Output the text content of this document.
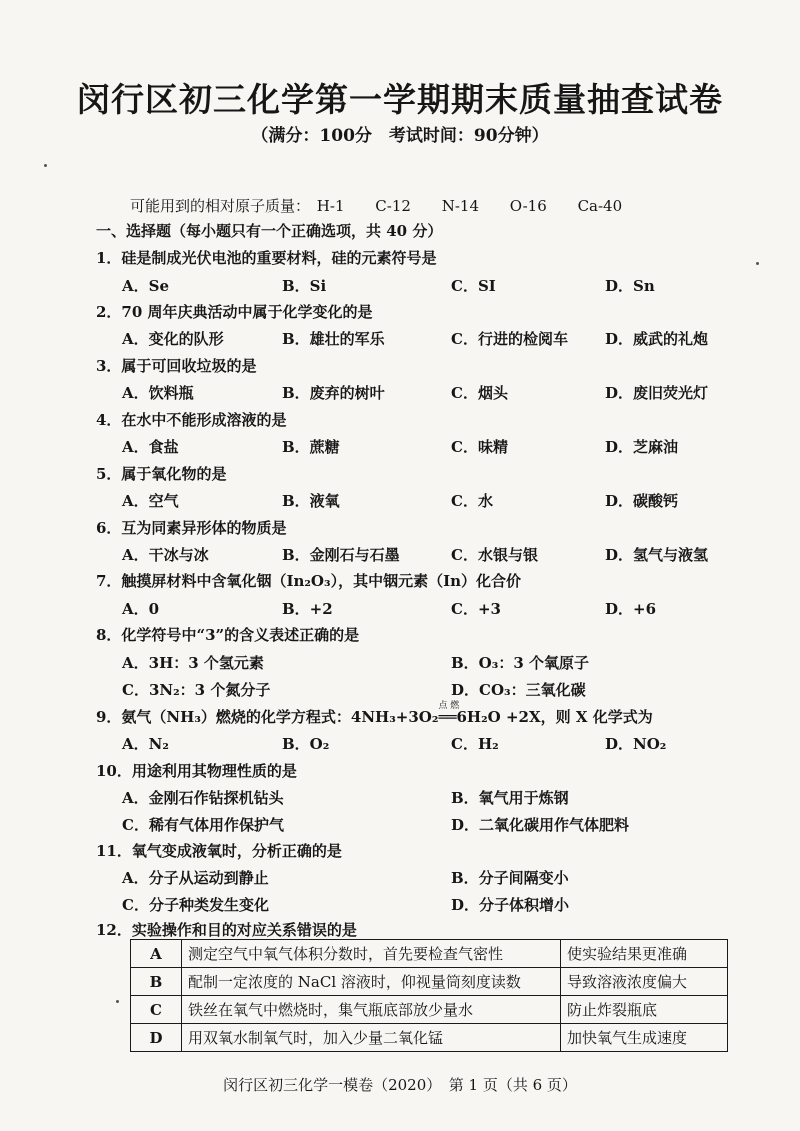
闵行区初三化学第一学期期末质量抽查试卷
（满分：100分　考试时间：90分钟）
可能用到的相对原子质量： H-1 C-12 N-14 O-16 Ca-40
一、选择题（每小题只有一个正确选项，共 40 分）
1．硅是制成光伏电池的重要材料，硅的元素符号是
A．Se	B．Si	C．SI	D．Sn
2．70 周年庆典活动中属于化学变化的是
A．变化的队形	B．雄壮的军乐	C．行进的检阅车 D．威武的礼炮
3．属于可回收垃圾的是
A．饮料瓶	B．废弃的树叶	C．烟头	D．废旧荧光灯
4．在水中不能形成溶液的是
A．食盐	B．蔗糖	C．味精	D．芝麻油
5．属于氧化物的是
A．空气	B．液氧	C．水	D．碳酸钙
6．互为同素异形体的物质是
A．干冰与冰	B．金刚石与石墨	C．水银与银	D．氢气与液氢
7．触摸屏材料中含氧化铟（In₂O₃），其中铟元素（In）化合价
A．0	B．+2	C．+3	D．+6
8．化学符号中“3”的含义表述正确的是
A．3H：3 个氢元素	B．O₃：3 个氧原子
C．3N₂：3 个氮分子	D．CO₃：三氧化碳
9．氨气（NH₃）燃烧的化学方程式：4NH₃+3O₂
点 燃
══6H₂O +2X，则 X 化学式为
A．N₂	B．O₂	C．H₂	D．NO₂
10．用途利用其物理性质的是
A．金刚石作钻探机钻头	B．氧气用于炼钢
C．稀有气体用作保护气	D．二氧化碳用作气体肥料
11．氧气变成液氧时，分析正确的是
A．分子从运动到静止	B．分子间隔变小
C．分子种类发生变化	D．分子体积增小
12．实验操作和目的对应关系错误的是
A	测定空气中氧气体积分数时，首先要检查气密性	使实验结果更准确
B	配制一定浓度的 NaCl 溶液时，仰视量筒刻度读数	导致溶液浓度偏大
C	铁丝在氧气中燃烧时，集气瓶底部放少量水	防止炸裂瓶底
D	用双氧水制氧气时，加入少量二氧化锰	加快氧气生成速度
闵行区初三化学一模卷（2020）　第 1 页（共 6 页）
